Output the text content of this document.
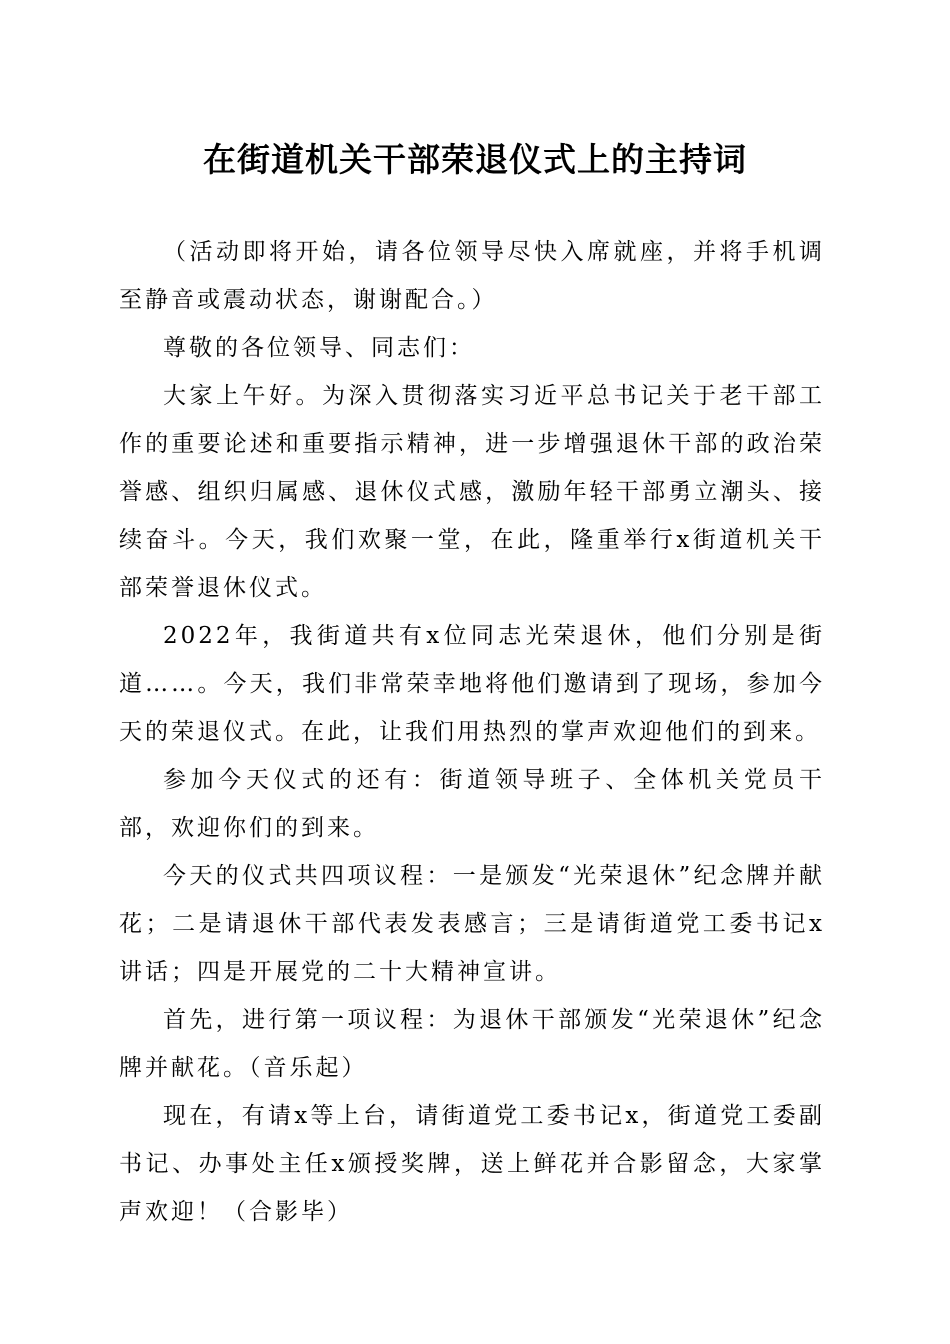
在街道机关干部荣退仪式上的主持词

（活动即将开始，请各位领导尽快入席就座，并将手机调至静音或震动状态，谢谢配合。）

尊敬的各位领导、同志们：

大家上午好。为深入贯彻落实习近平总书记关于老干部工作的重要论述和重要指示精神，进一步增强退休干部的政治荣誉感、组织归属感、退休仪式感，激励年轻干部勇立潮头、接续奋斗。今天，我们欢聚一堂，在此，隆重举行x街道机关干部荣誉退休仪式。

2022年，我街道共有x位同志光荣退休，他们分别是街道……。今天，我们非常荣幸地将他们邀请到了现场，参加今天的荣退仪式。在此，让我们用热烈的掌声欢迎他们的到来。

参加今天仪式的还有：街道领导班子、全体机关党员干部，欢迎你们的到来。

今天的仪式共四项议程：一是颁发“光荣退休”纪念牌并献花；二是请退休干部代表发表感言；三是请街道党工委书记x讲话；四是开展党的二十大精神宣讲。

首先，进行第一项议程：为退休干部颁发“光荣退休”纪念牌并献花。（音乐起）

现在，有请x等上台，请街道党工委书记x，街道党工委副书记、办事处主任x颁授奖牌，送上鲜花并合影留念，大家掌声欢迎！（合影毕）
